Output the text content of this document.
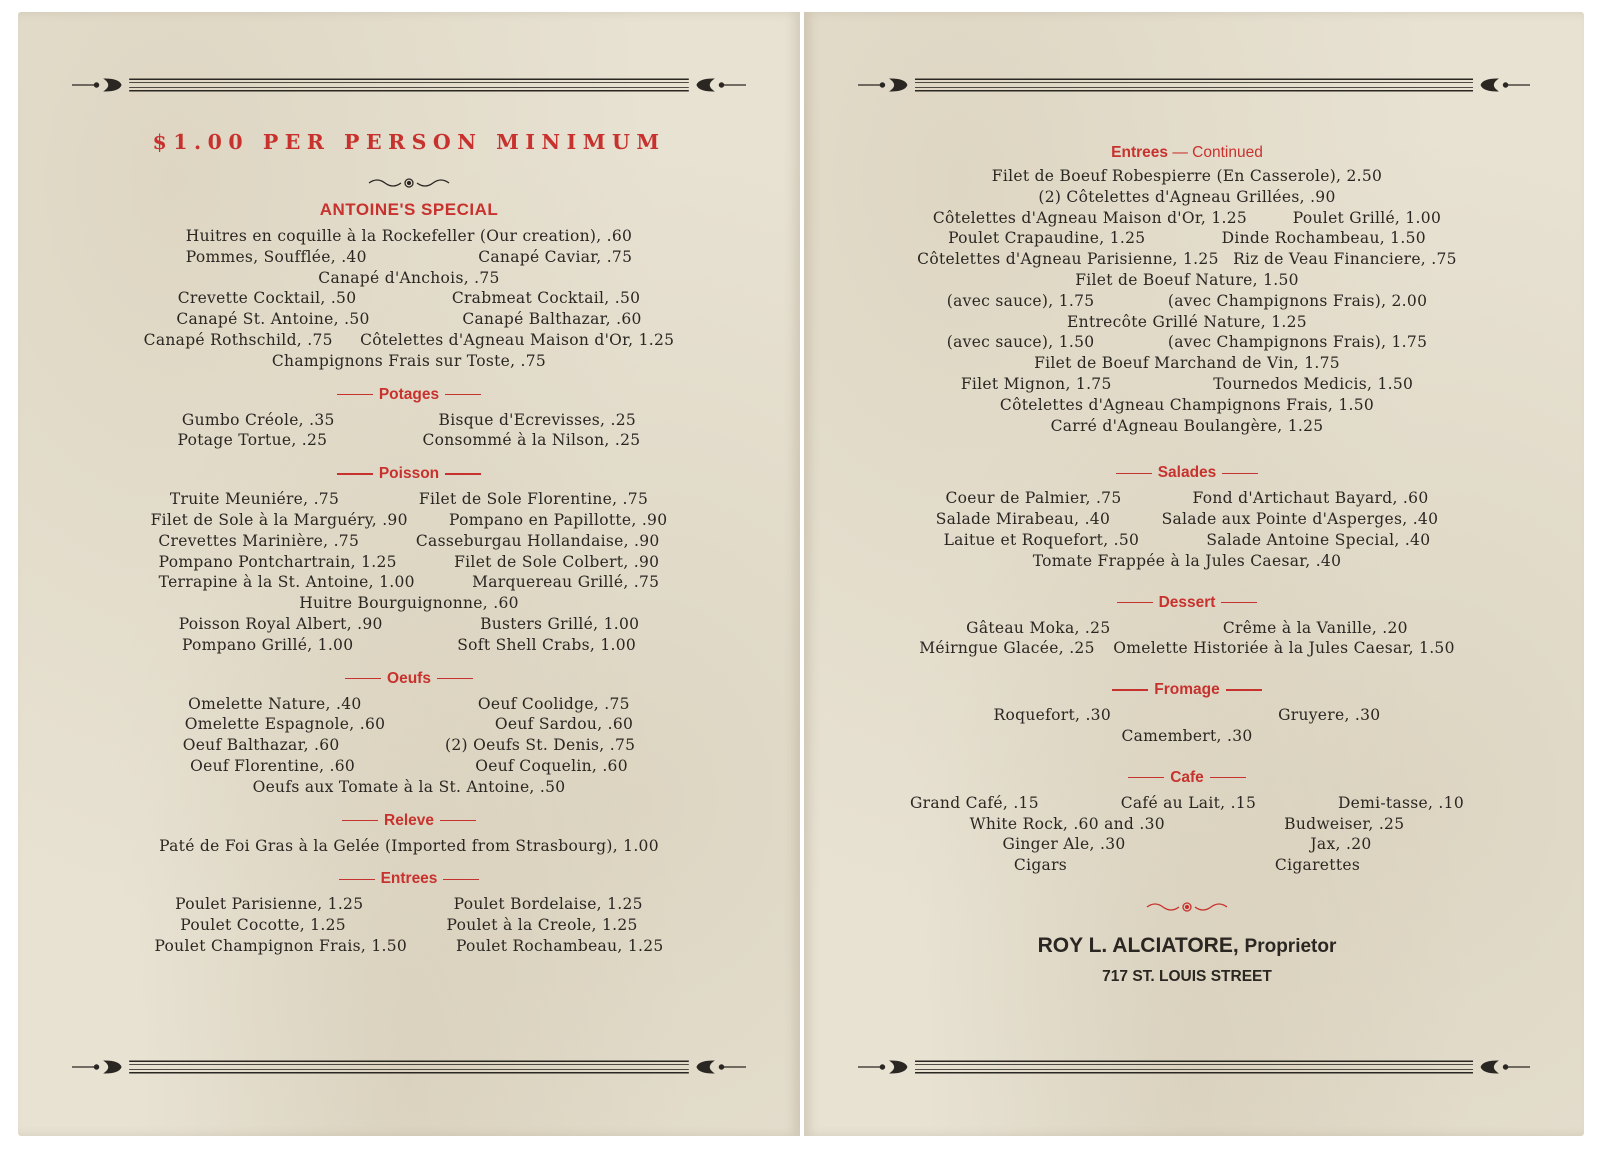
$1.00 PER PERSON MINIMUM
ANTOINE'S SPECIAL
Huitres en coquille à la Rockefeller (Our creation), .60
Pommes, Soufflée, .40	Canapé Caviar, .75
Canapé d'Anchois, .75
Crevette Cocktail, .50	Crabmeat Cocktail, .50
Canapé St. Antoine, .50	Canapé Balthazar, .60
Canapé Rothschild, .75 Côtelettes d'Agneau Maison d'Or, 1.25
Champignons Frais sur Toste, .75
Potages
Gumbo Créole, .35	Bisque d'Ecrevisses, .25
Potage Tortue, .25	Consommé à la Nilson, .25
Poisson
Truite Meuniére, .75	Filet de Sole Florentine, .75
Filet de Sole à la Marguéry, .90	Pompano en Papillotte, .90
Crevettes Marinière, .75	Casseburgau Hollandaise, .90
Pompano Pontchartrain, 1.25	Filet de Sole Colbert, .90
Terrapine à la St. Antoine, 1.00	Marquereau Grillé, .75
Huitre Bourguignonne, .60
Poisson Royal Albert, .90	Busters Grillé, 1.00
Pompano Grillé, 1.00	Soft Shell Crabs, 1.00
Oeufs
Omelette Nature, .40	Oeuf Coolidge, .75
Omelette Espagnole, .60	Oeuf Sardou, .60
Oeuf Balthazar, .60	(2) Oeufs St. Denis, .75
Oeuf Florentine, .60	Oeuf Coquelin, .60
Oeufs aux Tomate à la St. Antoine, .50
Releve
Paté de Foi Gras à la Gelée (Imported from Strasbourg), 1.00
Entrees
Poulet Parisienne, 1.25	Poulet Bordelaise, 1.25
Poulet Cocotte, 1.25	Poulet à la Creole, 1.25
Poulet Champignon Frais, 1.50	Poulet Rochambeau, 1.25
Entrees — Continued
Filet de Boeuf Robespierre (En Casserole), 2.50
(2) Côtelettes d'Agneau Grillées, .90
Côtelettes d'Agneau Maison d'Or, 1.25	Poulet Grillé, 1.00
Poulet Crapaudine, 1.25	Dinde Rochambeau, 1.50
Côtelettes d'Agneau Parisienne, 1.25 Riz de Veau Financiere, .75
Filet de Boeuf Nature, 1.50
(avec sauce), 1.75	(avec Champignons Frais), 2.00
Entrecôte Grillé Nature, 1.25
(avec sauce), 1.50	(avec Champignons Frais), 1.75
Filet de Boeuf Marchand de Vin, 1.75
Filet Mignon, 1.75	Tournedos Medicis, 1.50
Côtelettes d'Agneau Champignons Frais, 1.50
Carré d'Agneau Boulangère, 1.25
Salades
Coeur de Palmier, .75	Fond d'Artichaut Bayard, .60
Salade Mirabeau, .40	Salade aux Pointe d'Asperges, .40
Laitue et Roquefort, .50	Salade Antoine Special, .40
Tomate Frappée à la Jules Caesar, .40
Dessert
Gâteau Moka, .25	Crême à la Vanille, .20
Méirngue Glacée, .25 Omelette Historiée à la Jules Caesar, 1.50
Fromage
Roquefort, .30	Gruyere, .30
Camembert, .30
Cafe
Grand Café, .15	Café au Lait, .15	Demi-tasse, .10
White Rock, .60 and .30	Budweiser, .25
Ginger Ale, .30	Jax, .20
Cigars	Cigarettes
ROY L. ALCIATORE, Proprietor
717 ST. LOUIS STREET
